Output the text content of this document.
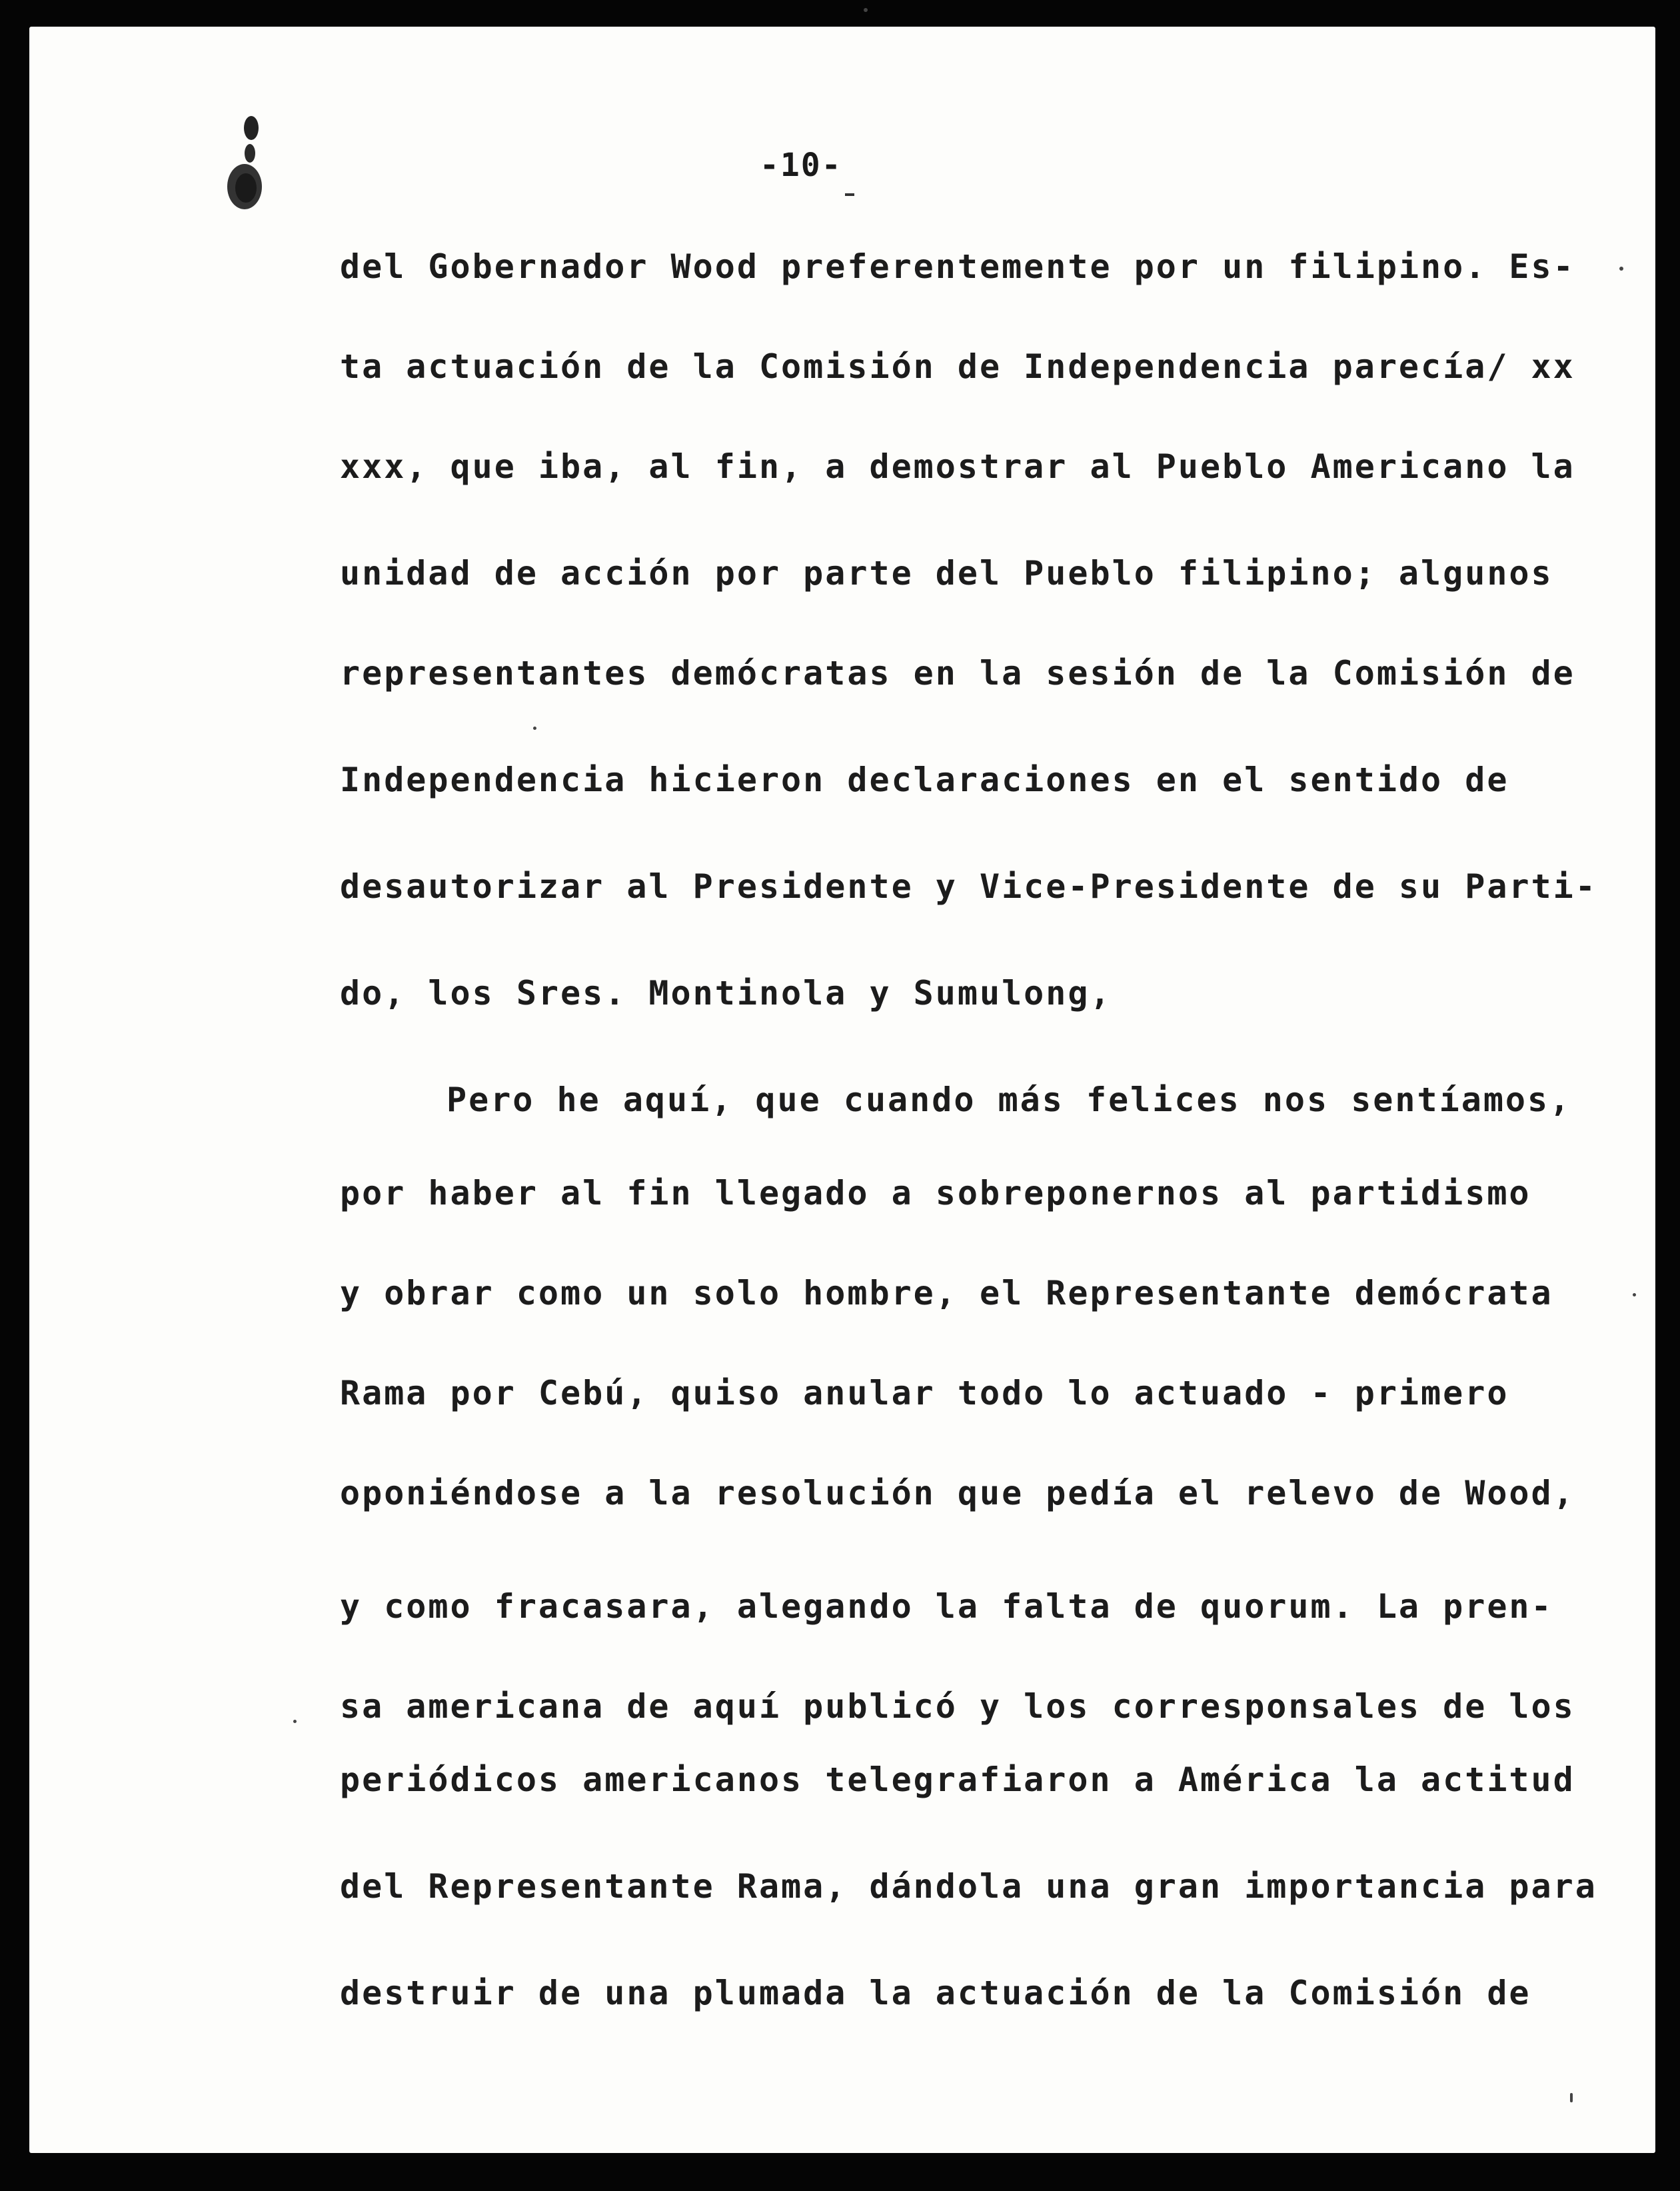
-10-
del Gobernador Wood preferentemente por un filipino. Es-
ta actuación de la Comisión de Independencia parecía/ xx
xxx, que iba, al fin, a demostrar al Pueblo Americano la
unidad de acción por parte del Pueblo filipino; algunos
representantes demócratas en la sesión de la Comisión de
Independencia hicieron declaraciones en el sentido de
desautorizar al Presidente y Vice-Presidente de su Parti-
do, los Sres. Montinola y Sumulong,
Pero he aquí, que cuando más felices nos sentíamos,
por haber al fin llegado a sobreponernos al partidismo
y obrar como un solo hombre, el Representante demócrata
Rama por Cebú, quiso anular todo lo actuado - primero
oponiéndose a la resolución que pedía el relevo de Wood,
y como fracasara, alegando la falta de quorum. La pren-
sa americana de aquí publicó y los corresponsales de los
periódicos americanos telegrafiaron a América la actitud
del Representante Rama, dándola una gran importancia para
destruir de una plumada la actuación de la Comisión de
